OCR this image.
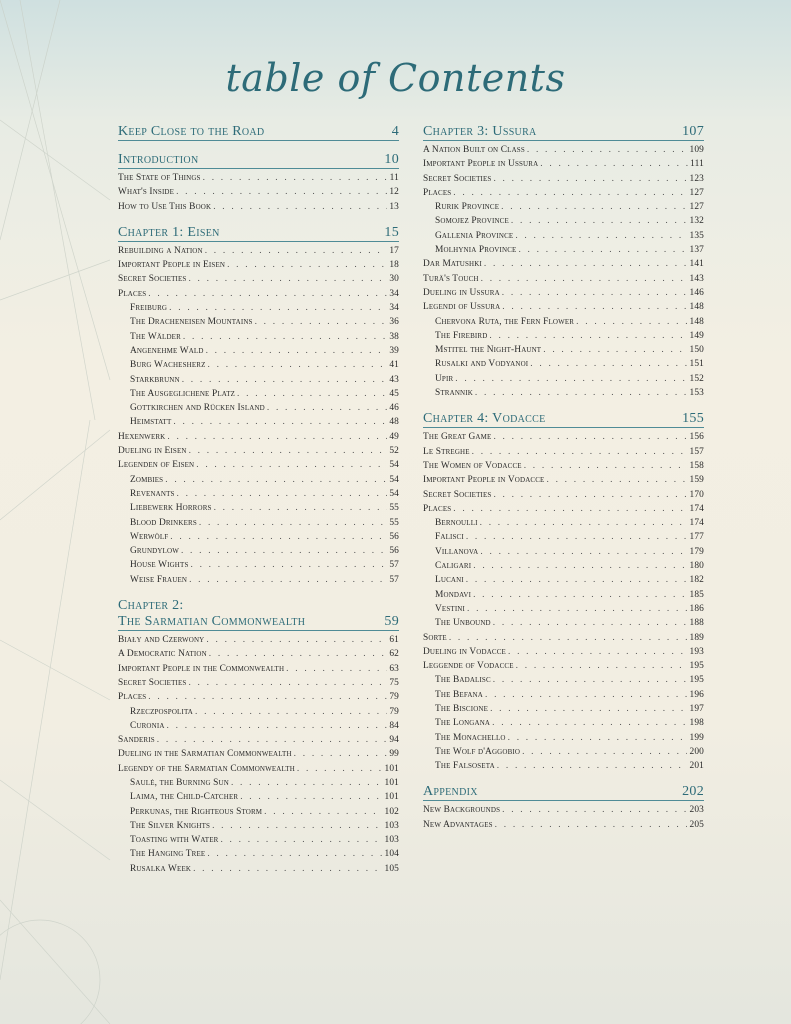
table of Contents
Keep Close to the Road	4
Introduction	10
The State of Things . . .	11
What's Inside . . .	12
How to Use This Book . . .	13
Chapter 1: Eisen	15
Rebuilding a Nation . . .	17
Important People in Eisen . . .	18
Secret Societies . . .	30
Places . . .	34
Freiburg . . .	34
The Drachenеisen Mountains . . .	36
The Wälder . . .	38
Angenehme Wald . . .	39
Burg Wachesherz . . .	41
Starkbrunn . . .	43
The Ausgeglichene Platz . . .	45
Gottkirchen and Rücken Island . . .	46
Heimstatt . . .	48
Hexenwerk . . .	49
Dueling in Eisen . . .	52
Legenden of Eisen . . .	54
Zombies . . .	54
Revenants . . .	54
Liebewerk Horrors . . .	55
Blood Drinkers . . .	55
Werwölf . . .	56
Grundylow . . .	56
House Wights . . .	57
Weise Frauen . . .	57
Chapter 2:
The Sarmatian Commonwealth	59
Biały and Czerwony . . .	61
A Democratic Nation . . .	62
Important People in the Commonwealth . . .	63
Secret Societies . . .	75
Places . . .	79
Rzeczpospolita . . .	79
Curonia . . .	84
Sanderis . . .	94
Dueling in the Sarmatian Commonwealth . . .	99
Legendy of the Sarmatian Commonwealth . . .	101
Saulė, the Burning Sun . . .	101
Laima, the Child-Catcher . . .	101
Perkunas, the Righteous Storm . . .	102
The Silver Knights . . .	103
Toasting with Water . . .	103
The Hanging Tree . . .	104
Rusalka Week . . .	105
Chapter 3: Ussura	107
A Nation Built on Class . . .	109
Important People in Ussura . . .	111
Secret Societies . . .	123
Places . . .	127
Rurik Province . . .	127
Somojez Province . . .	132
Gallenia Province . . .	135
Molhynia Province . . .	137
Dar Matushki . . .	141
Turä's Touch . . .	143
Dueling in Ussura . . .	146
Legendi of Ussura . . .	148
Chervona Ruta, the Fern Flower . . .	148
The Firebird . . .	149
Mstitel the Night-Haunt . . .	150
Rusalki and Vodyanoi . . .	151
Upir . . .	152
Strannik . . .	153
Chapter 4: Vodacce	155
The Great Game . . .	156
Le Streghe . . .	157
The Women of Vodacce . . .	158
Important People in Vodacce . . .	159
Secret Societies . . .	170
Places . . .	174
Bernoulli . . .	174
Falisci . . .	177
Villanova . . .	179
Caligari . . .	180
Lucani . . .	182
Mondavi . . .	185
Vestini . . .	186
The Unbound . . .	188
Sorte . . .	189
Dueling in Vodacce . . .	193
Leggende of Vodacce . . .	195
The Badalisc . . .	195
The Befana . . .	196
The Biscione . . .	197
The Longana . . .	198
The Monachello . . .	199
The Wolf d'Aggobio . . .	200
The Falsoseta . . .	201
Appendix	202
New Backgrounds . . .	203
New Advantages . . .	205
